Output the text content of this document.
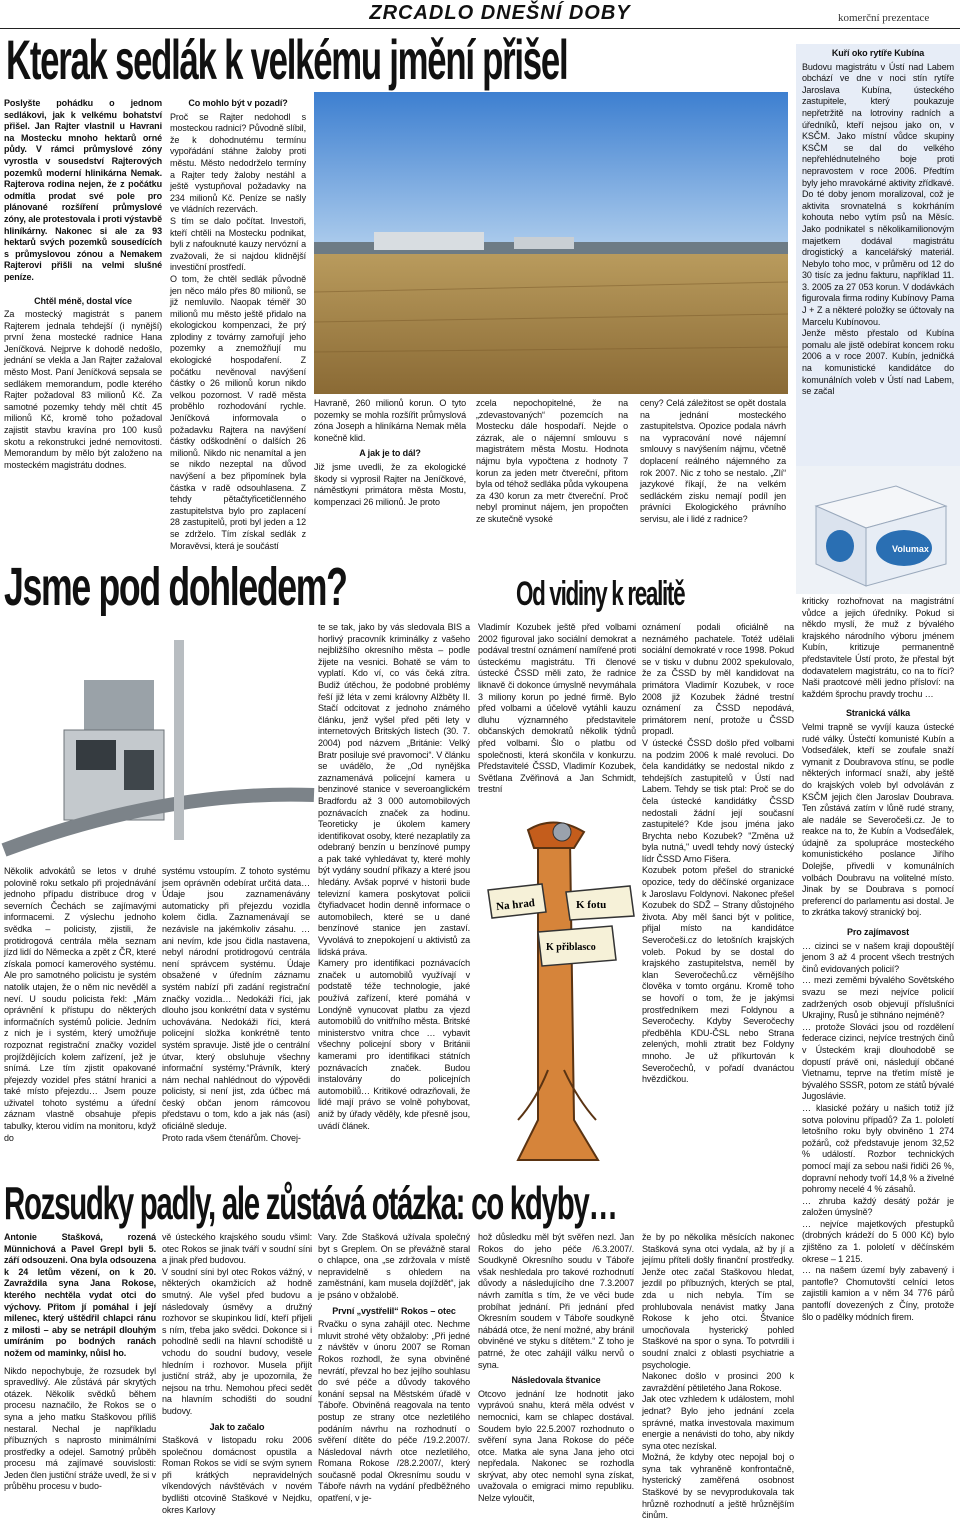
ZRCADLO DNEŠNÍ DOBY	komerční prezentace
Kterak sedlák k velkému jmění přišel

Poslyšte pohádku o jednom sedlákovi, jak k velkému bohatství přišel. Jan Rajter vlastnil u Havrani na Mostecku mnoho hektarů orné půdy. V rámci průmyslové zóny vyrostla v sousedství Rajterových pozemků moderní hlinikárna Nemak. Rajterova rodina nejen, že z počátku odmítla prodat své pole pro plánované rozšíření průmyslové zóny, ale protestovala i proti výstavbě hliníkárny. Nakonec si ale za 93 hektarů svých pozemků sousedících s průmyslovou zónou a Nemakem Rajterovi přišli na velmi slušné peníze.

Chtěl méně, dostal více

Za mostecký magistrát s panem Rajterem jednala tehdejší (i nynější) první žena mostecké radnice Hana Jeníčková. Nejprve k dohodě nedošlo, jednání se vlekla a Jan Rajter zažaloval město Most. Paní Jeníčková sepsala se sedlákem memorandum, podle kterého Rajter požadoval 83 milionů Kč. Za samotné pozemky tehdy měl chtít 45 milionů Kč, kromě toho požadoval zajistit stavbu kravína pro 100 kusů skotu a rekonstrukci jedné nemovitosti. Memorandum by mělo být založeno na mosteckém magistrátu dodnes.

Co mohlo být v pozadí?

Proč se Rajter nedohodl s mosteckou radnicí? Původně slíbil, že k dohodnutému termínu vypořádání stáhne žaloby proti městu. Město nedodrželo termíny a Rajter tedy žaloby nestáhl a ještě vystupňoval požadavky na 234 milionů Kč. Peníze se našly ve vládních rezervách.

S tím se dalo počítat. Investoři, kteří chtěli na Mostecku podnikat, byli z nafouknuté kauzy nervózní a zvažovali, že si najdou klidnější investiční prostředí.

O tom, že chtěl sedlák původně jen něco málo přes 80 milionů, se již nemluvilo. Naopak téměř 30 milionů mu město ještě přidalo na ekologickou kompenzaci, že prý zplodiny z továrny zamořují jeho pozemky a znemožňují mu ekologické hospodaření. Z počátku nevěnoval navýšení částky o 26 milionů korun nikdo velkou pozornost. V radě města proběhlo rozhodování rychle. Jeníčková informovala o požadavku Rajtera na navýšení částky odškodnění o dalších 26 milionů. Nikdo nic nenamítal a jen se nikdo nezeptal na důvod navýšení a bez připomínek byla částka v radě odsouhlasena. Z tehdy pětačtyřicetičlenného zastupitelstva bylo pro zaplacení 28 zastupitelů, proti byl jeden a 12 se zdrželo. Tím získal sedlák z Moravěvsi, která je součástí

Havraně, 260 milionů korun. O tyto pozemky se mohla rozšířit průmyslová zóna Joseph a hliníkárna Nemak měla konečně klid.

A jak je to dál?

Již jsme uvedli, že za ekologické škody si vyprosil Rajter na Jeníčkové, náměstkyni primátora města Mostu, kompenzaci 26 milionů. Je proto

zcela nepochopitelné, že na „zdevastovaných“ pozemcích na Mostecku dále hospodaří. Nejde o zázrak, ale o nájemní smlouvu s magistrátem města Mostu. Hodnota nájmu byla vypočtena z hodnoty 7 korun za jeden metr čtvereční, přitom byla od téhož sedláka půda vykoupena za 430 korun za metr čtvereční. Proč nebyl prominut nájem, jen propočten ze skutečně vysoké

ceny? Celá záležitost se opět dostala na jednání mosteckého zastupitelstva. Opozice podala návrh na vypracování nové nájemní smlouvy s navýšením nájmu, včetně doplacení reálného nájemného za rok 2007. Nic z toho se nestalo. „Zlí“ jazykové říkají, že na velkém sedláckém zisku nemají podíl jen právníci Ekologického právního servisu, ale i lidé z radnice?

Kuří oko rytíře Kubína

Budovu magistrátu v Ústí nad Labem obchází ve dne v noci stín rytíře Jaroslava Kubína, ústeckého zastupitele, který poukazuje nepřetržitě na lotroviny radních a úředníků, kteří nejsou jako on, v KSČM. Jako místní vůdce skupiny KSČM se dal do velkého nepřehlédnutelného boje proti nepravostem v roce 2006. Předtím byly jeho mravokárné aktivity zřídkavé. Do té doby jenom moralizoval, což je aktivita srovnatelná s kokrháním kohouta nebo vytím psů na Měsíc. Jako podnikatel s několikamilionovým majetkem dodával magistrátu drogistický a kancelářský materiál. Nebylo toho moc, v průměru od 12 do 30 tisíc za jednu fakturu, například 11. 3. 2005 za 27 053 korun. V dodávkách figurovala firma rodiny Kubínovy Pama J + Z a některé položky se účtovaly na Marcelu Kubínovou.

Jenže město přestalo od Kubína pomalu ale jistě odebírat koncem roku 2006 a v roce 2007. Kubín, jedničká na komunistické kandidátce do komunálních voleb v Ústí nad Labem, se začal

Volumax

kriticky rozhořnovat na magistrátní vůdce a jejich úředníky. Pokud si někdo myslí, že muž z bývalého krajského národního výboru jménem Kubín, kritizuje permanentně představitele Ústí proto, že přestal být dodavatelem magistrátu, co na to říci? Naši praotcové měli jedno přísloví: na každém šprochu pravdy trochu …

Stranická válka

Velmi trapně se vyvíjí kauza ústecké rudé války. Ústečtí komunisté Kubín a Vodseďálek, kteří se zoufale snaží vymanit z Doubravova stínu, se podle některých informací snaží, aby ještě do krajských voleb byl odvoláván z KSČM jejich člen Jaroslav Doubrava. Ten zůstává zatím v lůně rudé strany, ale nadále se Severočeši.cz. Je to reakce na to, že Kubín a Vodseďálek, údajně za spolupráce mosteckého komunistického poslance Jiřího Dolejše, přivedli v komunálních volbách Doubravu na volitelné místo. Jinak by se Doubrava s pomocí preferencí do parlamentu asi dostal. Je to zkrátka takový stranický boj.

Pro zajímavost

… cizinci se v našem kraji dopouštějí jenom 3 až 4 procent všech trestných činů evidovaných policií?
… mezi zeměmi bývalého Sovětského svazu se mezi nejvíce policií zadržených osob objevují příslušníci Ukrajiny, Rusů je stihnáno nejméně?
… protože Slováci jsou od rozdělení federace cizinci, nejvíce trestných činů v Ústeckém kraji dlouhodobě se dopustí právě oni, následují občané Vietnamu, teprve na třetím místě je bývalého SSSR, potom ze států bývalé Jugoslávie.
… klasické požáry u našich totiž jíž sotva polovinu případů? Za 1. pololetí letošního roku byly obviněno 1 274 požárů, což představuje jenom 32,52 % událostí. Rozbor technických pomocí mají za sebou naši řidiči 26 %, dopravní nehody tvoří 14,8 % a živelné pohromy necelé 4 % zásahů.
… zhruba každý desátý požár je založen úmyslně?
… nejvíce majetkových přestupků (drobných krádeží do 5 000 Kč) bylo zjištěno za 1. pololetí v děčínském okrese – 1 215.
… na našem území byly zabavený i pantofle? Chomutovští celníci letos zajistili kamion a v něm 34 776 párů pantoflí dovezených z Číny, protože šlo o padělky módních firem.

Jsme pod dohledem?

Několik advokátů se letos v druhé polovině roku setkalo při projednávání jednoho případu distribuce drog v severních Čechách se zajímavými informacemi. Z výslechu jednoho svědka – policisty, zjistili, že protidrogová centrála měla seznam jízd lidí do Německa a zpět z ČR, které získala pomocí kamerového systému. Ale pro samotného policistu je systém natolik utajen, že o něm nic nevěděl a neví. U soudu policista řekl: „Mám oprávnění k přístupu do některých informačních systémů policie. Jedním z nich je i systém, který umožňuje rozpoznat registrační značky vozidel projíždějících kolem zařízení, jež je snímá. Lze tím zjistit opakované přejezdy vozidel přes státní hranici a také místo přejezdu… Jsem pouze uživatel tohoto systému a úřední záznam vlastně obsahuje přepis tabulky, kterou vidím na monitoru, když do

systému vstoupím. Z tohoto systému jsem oprávněn odebírat určitá data… Údaje jsou zaznamenávány automaticky při přejezdu vozidla kolem čidla. Zaznamenávají se nezávisle na jakémkoliv zásahu. …ani nevím, kde jsou čidla nastavena, nebyl národní protidrogovú centrála není správcem systému. Údaje obsažené v úředním záznamu systém nabízí při zadání registrační značky vozidla… Nedokáži říci, jak dlouho jsou konkrétní data v systému uchovávána. Nedokáži říci, která policejní složka konkrétně tento systém spravuje. Jistě jde o centrální útvar, který obsluhuje všechny informační systémy.“Právník, který nám nechal nahlédnout do výpovědi policisty, si není jist, zda účbec má český občan jenom rámcovou představu o tom, kdo a jak nás (asi) oficiálně sleduje.

Proto rada všem čtenářům. Chovej-

te se tak, jako by vás sledovala BIS a horlivý pracovník kriminálky z vašeho nejbližšího okresního města – podle žijete na vesnici. Bohatě se vám to vyplatí. Kdo ví, co vás čeká zítra. Budiž útěchou, že podobné problémy řeší již léta v zemi královny Alžběty II. Stačí odcitovat z jednoho známého článku, jenž vyšel před pěti lety v internetových Britských listech (30. 7. 2004) pod názvem „Británie: Velký Bratr posiluje své pravomoci“. V článku se uvádělo, že „Od nynějška zaznamenává policejní kamera u benzinové stanice v severoanglickém Bradfordu až 3 000 automobilových poznávacích značek za hodinu. Teoreticky je úkolem kamery identifikovat osoby, které nezaplatily za odebraný benzín u benzínové pumpy a pak také vyhledávat ty, které mohly být vydány soudní příkazy a které jsou hledány. Avšak poprvé v historii bude televizní kamera poskytovat policii čtyřiadvacet hodin denně informace o automobilech, které se u dané benzínové stanice jen zastaví. Vyvolává to znepokojení u aktivistů za lidská práva.

Kamery pro identifikaci poznávacích značek u automobilů využívají v podstatě téže technologie, jaké používá zařízení, které pomáhá v Londýně vynucovat platbu za vjezd automobilů do vnitřního města. Britské ministerstvo vnitra chce … vybavit všechny policejní sbory v Británii kamerami pro identifikaci státních poznávacích značek. Budou instalovány do policejních automobilů… Kritikové odrazňovali, že lidé mají právo se volně pohybovat, aniž by úřady věděly, kde přesně jsou, uvádí článek.

Od vidiny k realitě

Vladimír Kozubek ještě před volbami 2002 figuroval jako sociální demokrat a podával trestní oznámení namířené proti ústeckému magistrátu. Tři členové ústecké ČSSD měli zato, že radnice liknavě či dokonce úmyslně nevymáhala 3 miliony korun po jedné firmě. Bylo před volbami a účelově vytáhli kauzu dluhu významného představitele občanských demokratů několik týdnů před volbami. Šlo o platbu od společnosti, která skončila v konkurzu. Představitelé ČSSD, Vladimír Kozubek, Světlana Zvěřinová a Jan Schmidt, trestní

oznámení podali oficiálně na neznámého pachatele. Totéž udělali sociální demokraté v roce 1998. Pokud se v tisku v dubnu 2002 spekulovalo, že za ČSSD by měl kandidovat na primátora Vladimír Kozubek, v roce 2008 již Kozubek žádné trestní oznámení za ČSSD nepodává, primátorem není, protože u ČSSD propadl.

V ústecké ČSSD došlo před volbami na podzim 2006 k malé revoluci. Do čela kandidátky se nedostal nikdo z tehdejších zastupitelů v Ústí nad Labem. Tehdy se tisk ptal: Proč se do čela ústecké kandidátky ČSSD nedostali žádní její současní zastupitelé? Kde jsou jména jako Brychta nebo Kozubek? "Změna už byla nutná," uvedl tehdy nový ústecký lídr ČSSD Arno Fišera.

Kozubek potom přešel do stranické opozice, tedy do děčínské organizace k Jaroslavu Foldynovi. Nakonec přešel Kozubek do SDŽ – Strany důstojného života. Aby měl šanci být v politice, přijal místo na kandidátce Severočeši.cz do letošních krajských voleb. Pokud by se dostal do krajského zastupitelstva, neměl by klan Severočechů.cz věrnějšího člověka v tomto orgánu. Kromě toho se hovoří o tom, že je jakýmsi prostředníkem mezi Foldynou a Severočechy. Kdyby Severočechy předběhla KDU-ČSL nebo Strana zelených, mohli ztratit bez Foldyny mnoho. Je už příkurtován k Severočechů, v pořadí dvanáctou hvězdičkou.

Na hrad	K fotu
K přiblasco
Rozsudky padly, ale zůstává otázka: co kdyby…

Antonie Stašková, rozená Münnichová a Pavel Grepl byli 5. září odsouzeni. Ona byla odsouzena k 24 letům vězení, on k 20. Zavraždila syna Jana Rokose, kterého nechtěla vydat otci do výchovy. Přitom jí pomáhal i její milenec, který uštědřil chlapci ránu z milosti – aby se netrápil dlouhým umíráním po bodných ranách nožem od maminky, nůisl ho.

Nikdo nepochybuje, že rozsudek byl spravedlivý. Ale zůstává pár skrytých otázek. Několik svědků během procesu naznačilo, že Rokos se o syna a jeho matku Staškovou příliš nestaral. Nechal je napříkladu příbuzných s naprosto minimálními prostředky a odejel. Samotný průběh procesu má zajímavé souvislosti: Jeden člen justiční stráže uvedl, že si v průběhu procesu v budo-

vě ústeckého krajského soudu všiml: otec Rokos se jinak tváří v soudní síni a jinak před budovou.

V soudní síni byl otec Rokos vážný, v některých okamžicích až hodně smutný. Ale vyšel před budovu a následovaly úsměvy a družný rozhovor se skupinkou lidí, kteří přijeli s ním, třeba jako svědci. Dokonce si i pohodlně sedli na hlavní schodiště u vchodu do soudní budovy, vesele hledním i rozhovor. Musela přijít justiční stráž, aby je upozornila, že nejsou na trhu. Nemohou přeci sedět na hlavním schodišti do soudní budovy.

Jak to začalo

Stašková v listopadu roku 2006 společnou domácnost opustila a Roman Rokos se vidí se svým synem při krátkých nepravidelných víkendových návštěvách v novém bydlišti otcovině Staškové v Nejdku, okres Karlovy

Vary. Zde Stašková užívala společný byt s Greplem. On se převážně staral o chlapce, ona „se zdržovala v místě nepravidelně s ohledem na zaměstnání, kam musela dojíždět“, jak je psáno v obžalobě.

První „vystřelil“ Rokos – otec

Rvačku o syna zahájil otec. Nechme mluvit strohé věty obžaloby: „Při jedné z návštěv v únoru 2007 se Roman Rokos rozhodl, že syna obviněné nevrátí, převzal ho bez jejího souhlasu do své péče a důvody takového konání sepsal na Městském úřadě v Táboře. Obviněná reagovala na tento postup ze strany otce nezletilého podáním návrhu na rozhodnutí o svěření dítěte do péče /19.2.2007/. Následoval návrh otce nezletilého, Romana Rokose /28.2.2007/, který současně podal Okresnímu soudu v Táboře návrh na vydání předběžného opatření, v je-

hož důsledku měl být svěřen nezl. Jan Rokos do jeho péče /6.3.2007/. Soudkyně Okresního soudu v Táboře však neshledala pro takové rozhodnutí důvody a následujícího dne 7.3.2007 návrh zamítla s tím, že ve věci bude probíhat jednání. Při jednání před Okresním soudem v Táboře soudkyně nábádá otce, že není možné, aby bránil obviněné ve styku s dítětem.“ Z toho je patrné, že otec zahájil válku nervů o syna.

Následovala štvanice

Otcovo jednání lze hodnotit jako vyprávoú snahu, která měla odvést v nemocnici, kam se chlapec dostával. Soudem bylo 22.5.2007 rozhodnuto o svěření syna Jana Rokose do péče otce. Matka ale syna Jana jeho otci nepředala. Nakonec se rozhodla skrývat, aby otec nemohl syna získat, uvažovala o emigraci mimo republiku. Nelze vyloučit,

že by po několika měsících nakonec Stašková syna otci vydala, až by jí a jejímu příteli došly finanční prostředky. Jenže otec začal Staškovou hledat, jezdil po příbuzných, kterých se ptal, zda u nich nebyla. Tím se prohlubovala nenávist matky Jana Rokose k jeho otci. Štvanice umocňovala hysterický pohled Staškové na spor o syna. To potvrdili i soudní znalci z oblasti psychiatrie a psychologie.

Nakonec došlo v prosinci 200 k zavraždění pětiletého Jana Rokose.

Jak otec vzhledem k událostem, mohl jednat? Bylo jeho jednání zcela správné, matka investovala maximum energie a nenávisti do toho, aby nikdy syna otec nezískal.

Možná, že kdyby otec nepojal boj o syna tak vyhraněně konfrontačně, hysterický zaměřená osobnost Staškové by se nevyprodukovala tak hrůzně rozhodnutí a ještě hrůznějším činům.
